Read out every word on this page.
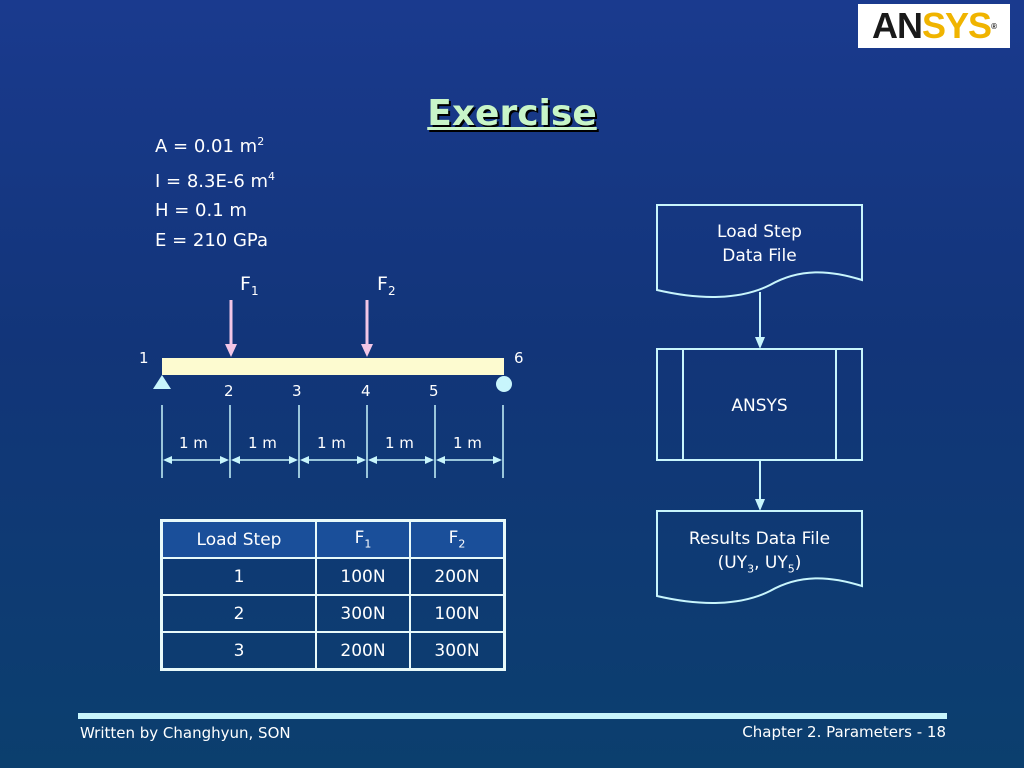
AN SYS ®
Exercise
A = 0.01 $m^2$
I = 8.3E-6 $m^4$
H = 0.1 m
E = 210 GPa
$F_1$	$F_2$
1
2	3	4	5
6
1 m	1 m	1 m	1 m	1 m
Load Step	$F_1$	$F_2$
1	100N	200N
2	300N	100N
3	200N	300N
Load Step
Data File
ANSYS
Results Data File
($UY_3$, $UY_5$)
Written by Changhyun, SON	Chapter 2. Parameters - 18
